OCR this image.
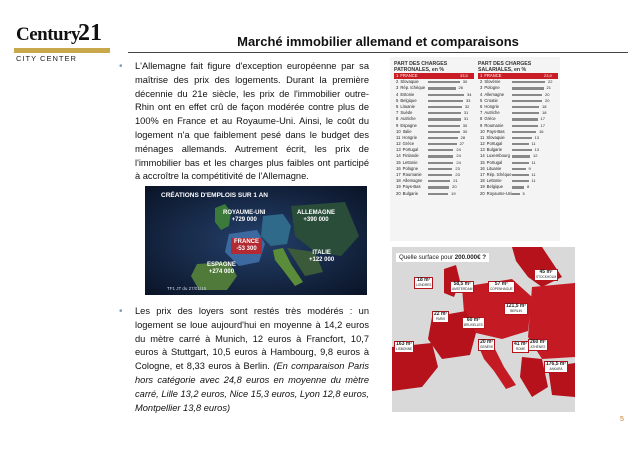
Century
21
CITY CENTER
Marché immobilier allemand et comparaisons
• L'Allemagne fait figure d'exception européenne par sa maîtrise des prix des logements. Durant la première décennie du 21e siècle, les prix de l'immobilier outre-Rhin ont en effet crû de façon modérée contre plus de 100% en France et au Royaume-Uni. Ainsi, le coût du logement n'a que faiblement pesé dans le budget des ménages allemands. Autrement écrit, les prix de l'immobilier bas et les charges plus faibles ont participé à accroître la compétitivité de l'Allemagne.
CRÉATIONS D'EMPLOIS SUR 1 AN
ROYAUME-UNI
+729 000
ALLEMAGNE
+390 000
FRANCE
-53 300
ITALIE
+122 000
ESPAGNE
+274 000
TF1 JT du 27/01/15
• Les prix des loyers sont restés très modérés : un logement se loue aujourd'hui en moyenne à 14,2 euros du mètre carré à Munich, 12 euros à Francfort, 10,7 euros à Stuttgart, 10,5 euros à Hambourg, 9,8 euros à Cologne, et 8,33 euros à Berlin. (En comparaison Paris hors catégorie avec 24,8 euros en moyenne du mètre carré, Lille 13,2 euros, Nice 15,3 euros, Lyon 12,8 euros, Montpellier 13,8 euros)
PART DES CHARGES PATRONALES, en %
1 FRANCE	33,5
2 Slovaquie	30
3 Rép. tchèque	26
4 Estonie	34
5 Belgique	33
6 Lituanie	32
7 Suède	31
8 Autriche	31
9 Espagne	30
10 Italie	30
11 Hongrie	28
12 Grèce	27
13 Portugal	24
14 Finlande	24
15 Lettonie	24
16 Pologne	23
17 Roumanie	23
18 Allemagne	21
19 Pays-Bas	20
20 Bulgarie	19
PART DES CHARGES SALARIALES, en %
1 FRANCE	23,9
2 Slovénie	22
3 Pologne	21
4 Allemagne	20
5 Croatie	20
6 Hongrie	18
7 Autriche	18
8 Grèce	17
9 Roumanie	17
10 Pays-Bas	16
11 Slovaquie	13
12 Portugal	11
13 Bulgarie	13
14 Luxembourg	12
15 Portugal	11
16 Lituanie	9
17 Rép. tchèque	11
18 Lettonie	11
19 Belgique	8
20 Royaume-Uni	5
Quelle surface pour 200.000€ ?
45 m²
STOCKHOLM
18 m²
LONDRES	58,5 m²
AMSTERDAM
57 m²
COPENHAGUE
121,5 m²
BERLIN
22 m²
PARIS	60 m²
BRUXELLES
163 m²
LISBONNE
20 m²
GENÈVE	41 m²
ROME
260 m²
ATHÈNES
176,5 m²
ANKARA
5
